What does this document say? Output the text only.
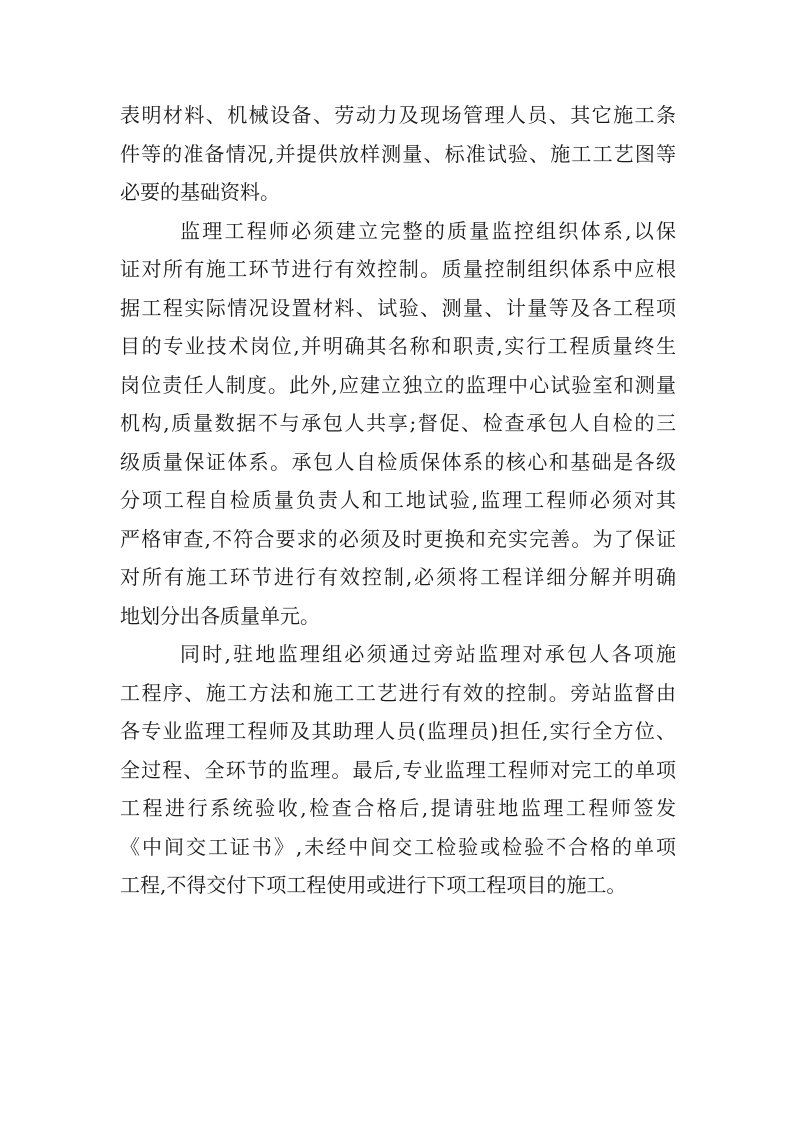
表明材料、机械设备、劳动力及现场管理人员、其它施工条
件等的准备情况,并提供放样测量、标准试验、施工工艺图等
必要的基础资料。
监理工程师必须建立完整的质量监控组织体系,以保
证对所有施工环节进行有效控制。质量控制组织体系中应根
据工程实际情况设置材料、试验、测量、计量等及各工程项
目的专业技术岗位,并明确其名称和职责,实行工程质量终生
岗位责任人制度。此外,应建立独立的监理中心试验室和测量
机构,质量数据不与承包人共享;督促、检查承包人自检的三
级质量保证体系。承包人自检质保体系的核心和基础是各级
分项工程自检质量负责人和工地试验,监理工程师必须对其
严格审查,不符合要求的必须及时更换和充实完善。为了保证
对所有施工环节进行有效控制,必须将工程详细分解并明确
地划分出各质量单元。
同时,驻地监理组必须通过旁站监理对承包人各项施
工程序、施工方法和施工工艺进行有效的控制。旁站监督由
各专业监理工程师及其助理人员(监理员)担任,实行全方位、
全过程、全环节的监理。最后,专业监理工程师对完工的单项
工程进行系统验收,检查合格后,提请驻地监理工程师签发
《中间交工证书》,未经中间交工检验或检验不合格的单项
工程,不得交付下项工程使用或进行下项工程项目的施工。
